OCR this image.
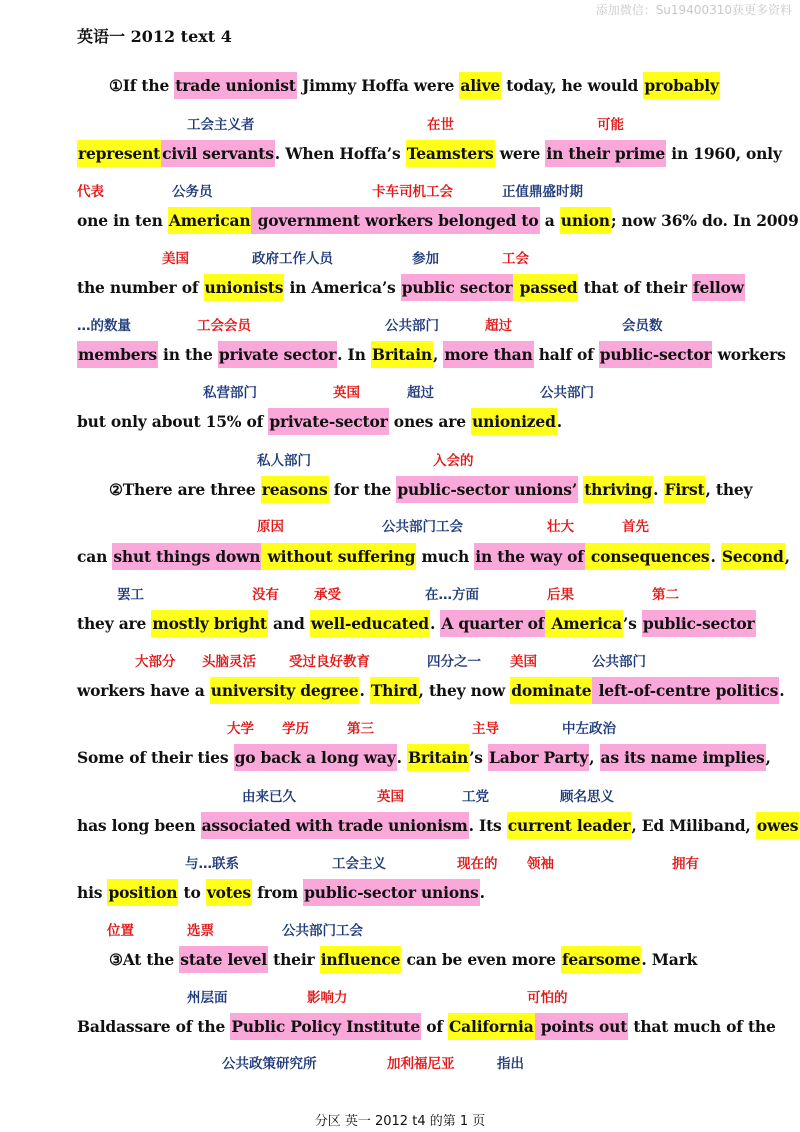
英语一 2012 text 4
添加微信：Su19400310获更多资料
①If the trade unionist Jimmy Hoffa were alive today, he would probably
represent civil servants. When Hoffa’s Teamsters were in their prime in 1960, only
one in ten American government workers belonged to a union; now 36% do. In 2009
the number of unionists in America’s public sector passed that of their fellow
members in the private sector. In Britain, more than half of public-sector workers
but only about 15% of private-sector ones are unionized.
②There are three reasons for the public-sector unions’ thriving. First, they
can shut things down without suffering much in the way of consequences. Second,
they are mostly bright and well-educated. A quarter of America’s public-sector
workers have a university degree. Third, they now dominate left-of-centre politics.
Some of their ties go back a long way. Britain’s Labor Party, as its name implies,
has long been associated with trade unionism. Its current leader, Ed Miliband, owes
his position to votes from public-sector unions.
③At the state level their influence can be even more fearsome. Mark
Baldassare of the Public Policy Institute of California points out that much of the
工会主义者	在世	可能
代表	公务员	卡车司机工会	正值鼎盛时期
美国	政府工作人员	参加	工会
…的数量	工会会员	公共部门	超过	会员数
私营部门	英国	超过	公共部门
私人部门	入会的
原因	公共部门工会	壮大	首先
罢工	没有	承受	在…方面	后果	第二
大部分 头脑灵活 受过良好教育	四分之一 美国	公共部门
大学 学历	第三	主导	中左政治
由来已久	英国	工党	顾名思义
与…联系	工会主义	现在的 领袖	拥有
位置	选票	公共部门工会
州层面	影响力	可怕的
公共政策研究所	加利福尼亚	指出
分区 英一 2012 t4 的第 1 页
